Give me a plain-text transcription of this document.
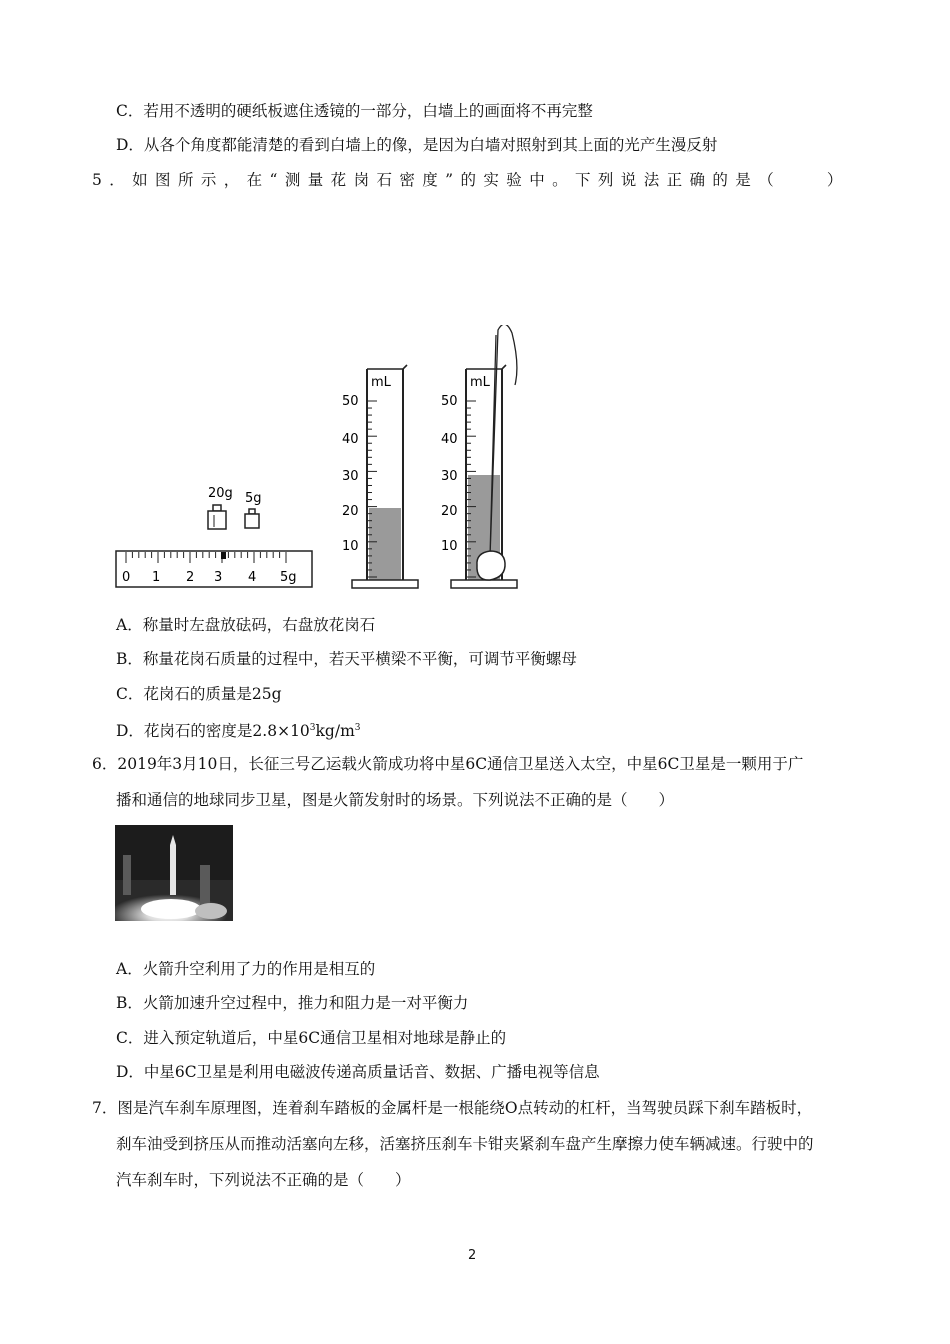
C．若用不透明的硬纸板遮住透镜的一部分，白墙上的画面将不再完整
D．从各个角度都能清楚的看到白墙上的像，是因为白墙对照射到其上面的光产生漫反射
5．如图所示，在“测量花岗石密度”的实验中。下列说法正确的是（　　）
20g 5g
0 1 2 3 4 5g
mL
50
40
30
20
10
mL
50
40
30
20
10
A．称量时左盘放砝码，右盘放花岗石
B．称量花岗石质量的过程中，若天平横梁不平衡，可调节平衡螺母
C．花岗石的质量是25g
D．花岗石的密度是$2.8\times 10^3kg/m^3$
6．2019年3月10日，长征三号乙运载火箭成功将中星6C通信卫星送入太空，中星6C卫星是一颗用于广
播和通信的地球同步卫星，图是火箭发射时的场景。下列说法不正确的是（　　）
A．火箭升空利用了力的作用是相互的
B．火箭加速升空过程中，推力和阻力是一对平衡力
C．进入预定轨道后，中星6C通信卫星相对地球是静止的
D．中星6C卫星是利用电磁波传递高质量话音、数据、广播电视等信息
7．图是汽车刹车原理图，连着刹车踏板的金属杆是一根能绕O点转动的杠杆，当驾驶员踩下刹车踏板时，
刹车油受到挤压从而推动活塞向左移，活塞挤压刹车卡钳夹紧刹车盘产生摩擦力使车辆减速。行驶中的
汽车刹车时，下列说法不正确的是（　　）
2
